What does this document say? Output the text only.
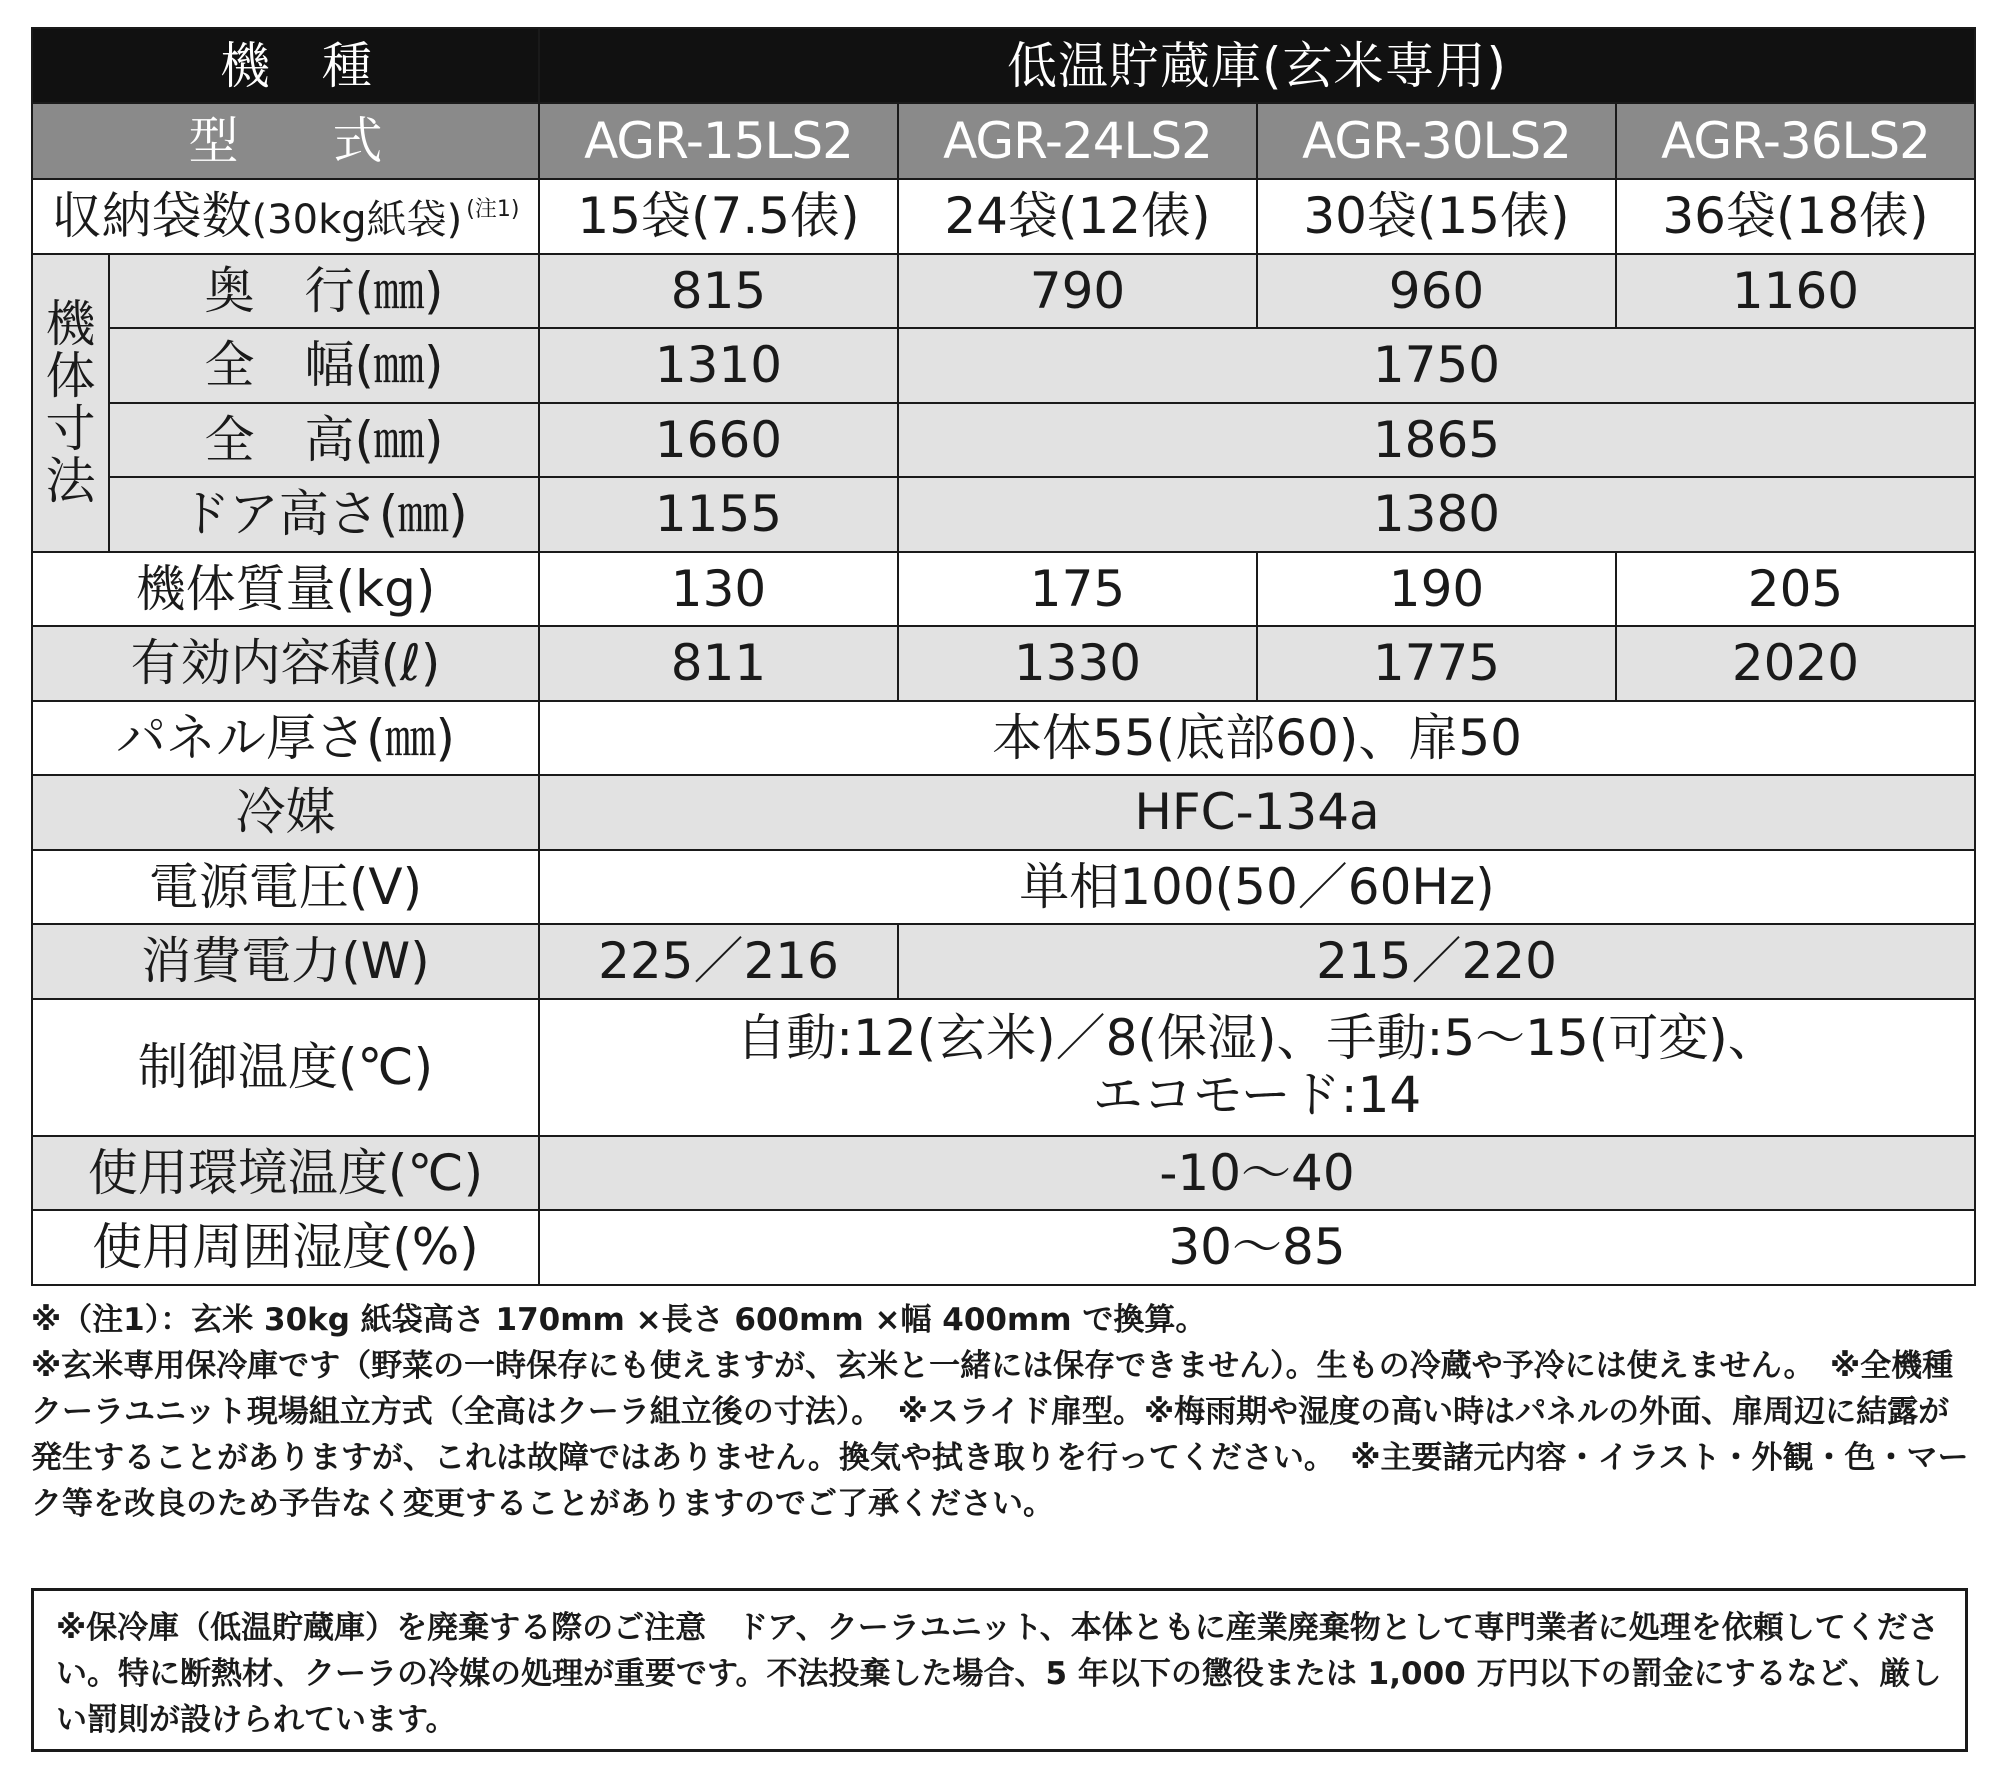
機　種		低温貯蔵庫(玄米専用)			
型　式		AGR-15LS2	AGR-24LS2	AGR-30LS2	AGR-36LS2
収納袋数(30kg紙袋) $^{(注1)}$		15袋(7.5俵)	24袋(12俵)	30袋(15俵)	36袋(18俵)

機
体
寸
法	奥　行(㎜)	815	790	960	1160
	全　幅(㎜)	1310	1750		
	全　高(㎜)	1660	1865		
	ドア高さ(㎜)	1155	1380		
機体質量(kg)		130	175	190	205
有効内容積(ℓ)		811	1330	1775	2020
パネル厚さ(㎜)		本体55(底部60)、扉50			
冷媒		HFC-134a			
電源電圧(V)		単相100(50／60Hz)			
消費電力(W)		225／216	215／220		
制御温度(℃)		自動:12(玄米)／8(保湿)、手動:5〜15(可変)、
エコモード:14			

使用環境温度(℃)		-10〜40			
使用周囲湿度(%)		30〜85			

※（注1）：玄米 30kg 紙袋高さ 170mm ×長さ 600mm ×幅 400mm で換算。

※玄米専用保冷庫です（野菜の一時保存にも使えますが、玄米と一緒には保存できません）。生もの冷蔵や予冷には使えません。　※全機種クーラユニット現場組立方式（全高はクーラ組立後の寸法）。　※スライド扉型。※梅雨期や湿度の高い時はパネルの外面、扉周辺に結露が発生することがありますが、これは故障ではありません。換気や拭き取りを行ってください。　※主要諸元内容・イラスト・外観・色・マーク等を改良のため予告なく変更することがありますのでご了承ください。

※保冷庫（低温貯蔵庫）を廃棄する際のご注意　ドア、クーラユニット、本体ともに産業廃棄物として専門業者に処理を依頼してください。特に断熱材、クーラの冷媒の処理が重要です。不法投棄した場合、5 年以下の懲役または 1,000 万円以下の罰金にするなど、厳しい罰則が設けられています。
